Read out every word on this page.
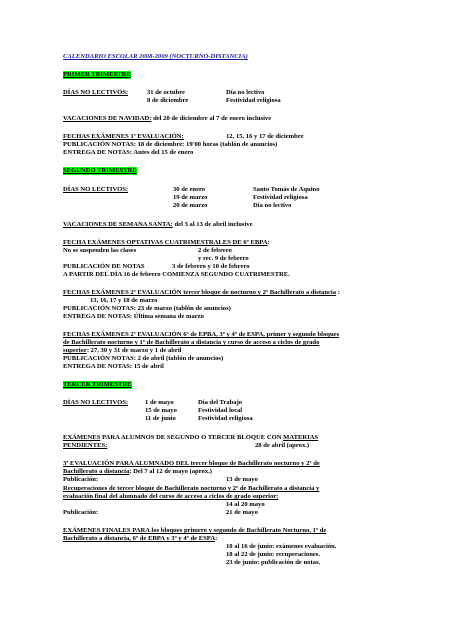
CALENDARIO ESCOLAR 2008-2009 (NOCTURNO-DISTANCIA)
PRIMER TRIMESTRE
DÍAS NO LECTIVOS:	31 de octubre	Día no lectivo
8 de diciembre	Festividad religiosa
VACACIONES DE NAVIDAD: del 20 de diciembre al 7 de enero inclusive
FECHAS EXÁMENES 1ª EVALUACIÓN:	12, 15, 16 y 17 de diciembre
PUBLICACIÓN NOTAS: 18 de diciembre: 19'00 horas (tablón de anuncios)
ENTREGA DE NOTAS: Antes del 15 de enero
SEGUNDO TRIMESTRE
DÍAS NO LECTIVOS:	30 de enero	Santo Tomás de Aquino
19 de marzo	Festividad religiosa
20 de marzo	Día no lectivo
VACACIONES DE SEMANA SANTA: del 3 al 13 de abril inclusive
FECHA EXÁMENES OPTATIVAS CUATRIMESTRALES DE 6º EBPA:
No se suspenden las clases	2 de febrero
y rec. 9 de febrero
PUBLICACIÓN DE NOTAS	3 de febrero y 10 de febrero
A PARTIR DEL DÍA 16 de febrero COMIENZA SEGUNDO CUATRIMESTRE.
FECHAS EXÁMENES 2ª EVALUACIÓN tercer bloque de nocturno y 2º Bachillerato a distancia :
13, 16, 17 y 18 de marzo
PUBLICACIÓN NOTAS: 23 de marzo (tablón de anuncios)
ENTREGA DE NOTAS: Última semana de marzo
FECHAS EXÁMENES 2ª EVALUACIÓN 6º de EPBA, 3º y 4º de ESPA, primer y segundo bloques
de Bachillerato nocturno y 1º de Bachillerato a distancia y curso de acceso a ciclos de grado
superior: 27, 30 y 31 de marzo y 1 de abril
PUBLICACIÓN NOTAS: 2 de abril (tablón de anuncios)
ENTREGA DE NOTAS: 15 de abril
TERCER TRIMESTRE
DÍAS NO LECTIVOS:	1 de mayo	Día del Trabajo
15 de mayo	Festividad local
11 de junio	Festividad religiosa
EXÁMENES PARA ALUMNOS DE SEGUNDO O TERCER BLOQUE CON MATERIAS
PENDIENTES:	28 de abril (aprox.)
3ª EVALUACIÓN PARA ALUMNADO DEL tercer bloque de Bachillerato nocturno y 2º de
Bachillerato a distancia: Del 7 al 12 de mayo (aprox.)
Publicación:	13 de mayo
Recuperaciones de tercer bloque de Bachillerato nocturno y 2º de Bachillerato a distancia y
evaluación final del alumnado del curso de acceso a ciclos de grado superior:
14 al 20 mayo
Publicación:	21 de mayo
EXÁMENES FINALES PARA los bloques primero y segundo de Bachillerato Nocturno, 1º de
Bachillerato a distancia, 6º de EBPA y 3º y 4º de ESPA:
10 al 16 de junio: exámenes evaluación.
18 al 22 de junio: recuperaciones.
23 de junio: publicación de notas.
